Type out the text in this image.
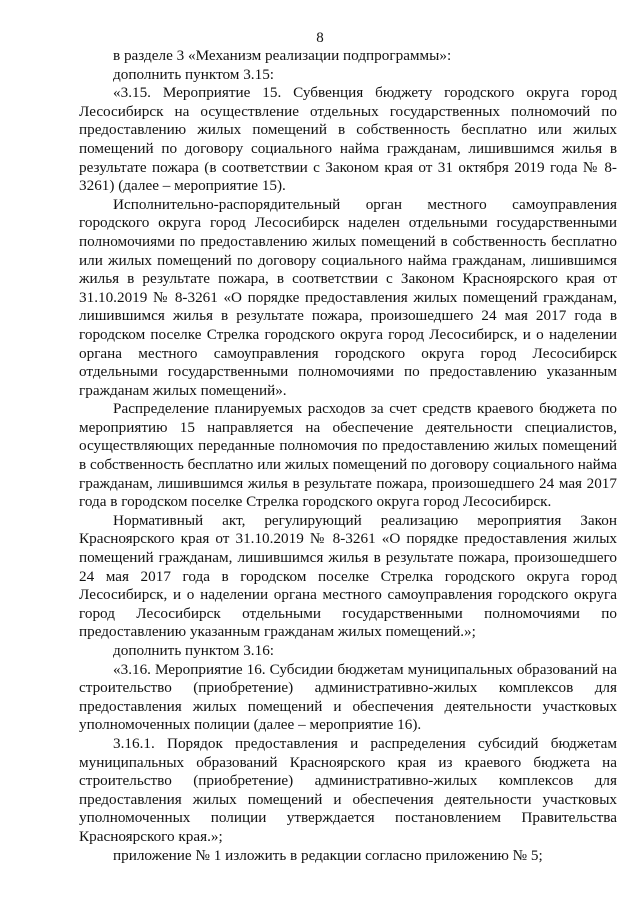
8

в разделе 3 «Механизм реализации подпрограммы»:

дополнить пунктом 3.15:

«3.15. Мероприятие 15. Субвенция бюджету городского округа город Лесосибирск на осуществление отдельных государственных полномочий по предоставлению жилых помещений в собственность бесплатно или жилых помещений по договору социального найма гражданам, лишившимся жилья в результате пожара (в соответствии с Законом края от 31 октября 2019 года № 8-3261) (далее – мероприятие 15).

Исполнительно-распорядительный орган местного самоуправления городского округа город Лесосибирск наделен отдельными государственными полномочиями по предоставлению жилых помещений в собственность бесплатно или жилых помещений по договору социального найма гражданам, лишившимся жилья в результате пожара, в соответствии с Законом Красноярского края от 31.10.2019 № 8-3261 «О порядке предоставления жилых помещений гражданам, лишившимся жилья в результате пожара, произошедшего 24 мая 2017 года в городском поселке Стрелка городского округа город Лесосибирск, и о наделении органа местного самоуправления городского округа город Лесосибирск отдельными государственными полномочиями по предоставлению указанным гражданам жилых помещений».

Распределение планируемых расходов за счет средств краевого бюджета по мероприятию 15 направляется на обеспечение деятельности специалистов, осуществляющих переданные полномочия по предоставлению жилых помещений в собственность бесплатно или жилых помещений по договору социального найма гражданам, лишившимся жилья в результате пожара, произошедшего 24 мая 2017 года в городском поселке Стрелка городского округа город Лесосибирск.

Нормативный акт, регулирующий реализацию мероприятия Закон Красноярского края от 31.10.2019 № 8-3261 «О порядке предоставления жилых помещений гражданам, лишившимся жилья в результате пожара, произошедшего 24 мая 2017 года в городском поселке Стрелка городского округа город Лесосибирск, и о наделении органа местного самоуправления городского округа город Лесосибирск отдельными государственными полномочиями по предоставлению указанным гражданам жилых помещений.»;

дополнить пунктом 3.16:

«3.16. Мероприятие 16. Субсидии бюджетам муниципальных образований на строительство (приобретение) административно-жилых комплексов для предоставления жилых помещений и обеспечения деятельности участковых уполномоченных полиции (далее – мероприятие 16).

3.16.1. Порядок предоставления и распределения субсидий бюджетам муниципальных образований Красноярского края из краевого бюджета на строительство (приобретение) административно-жилых комплексов для предоставления жилых помещений и обеспечения деятельности участковых уполномоченных полиции утверждается постановлением Правительства Красноярского края.»;

приложение № 1 изложить в редакции согласно приложению № 5;
